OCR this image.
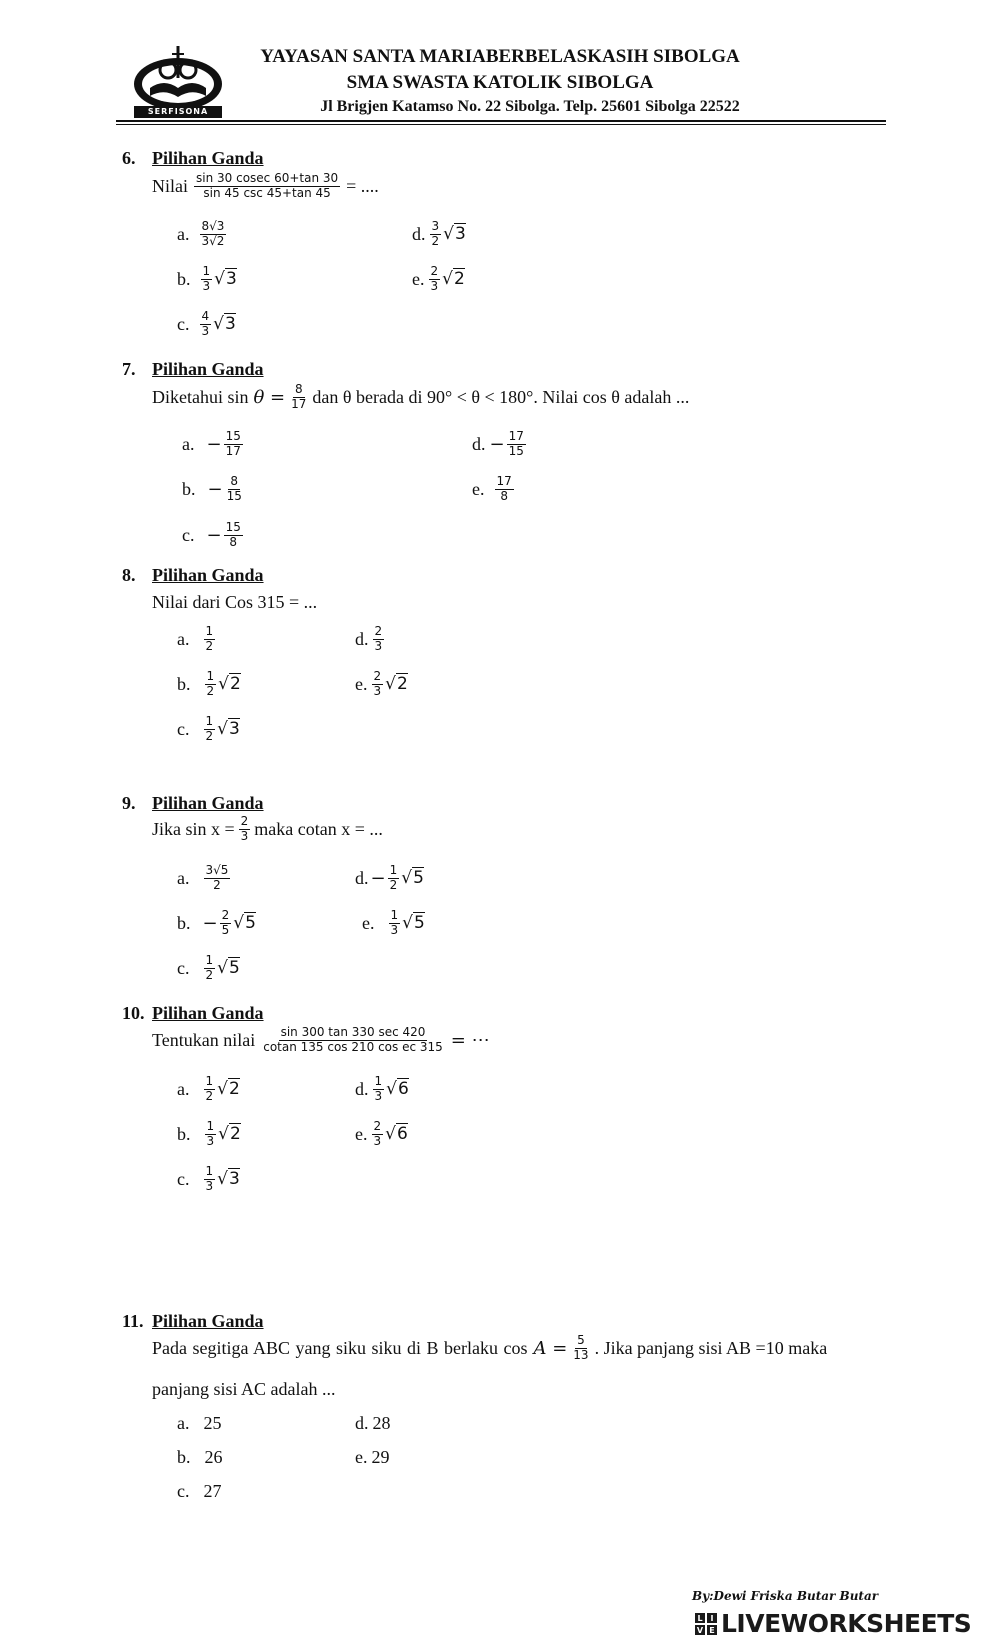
SERFISONA
YAYASAN SANTA MARIABERBELASKASIH SIBOLGA
SMA SWASTA KATOLIK SIBOLGA
Jl Brigjen Katamso No. 22 Sibolga. Telp. 25601 Sibolga 22522
6. Pilihan Ganda
Nilai $\frac{\sin 30 cosec 60+\tan 30}{\sin 45 \csc 45+\tan 45}$ = ....
a. $\frac{8√3}{3√2}$
b. $\frac{1}{3} √3$
c. $\frac{4}{3} √3$
d. $\frac{3}{2} √3$
e. $\frac{2}{3} √2$
7. Pilihan Ganda
Diketahui $\sin \theta = \frac{8}{17}$ dan θ berada di 90° < θ < 180°. Nilai cos θ adalah ...
a. − $\frac{15}{17}$
b. − $\frac{8}{15}$
c. − $\frac{15}{8}$
d. − $\frac{17}{15}$
e. $\frac{17}{8}$
8. Pilihan Ganda
Nilai dari Cos 315 = ...
a. $\frac{1}{2}$
b. $\frac{1}{2} √2$
c. $\frac{1}{2} √3$
d. $\frac{2}{3}$
e. $\frac{2}{3} √2$
9. Pilihan Ganda
Jika $\sin x = \frac{2}{3}$ maka cotan x = ...
a. $\frac{3√5}{2}$
b. − $\frac{2}{5} √5$
c. $\frac{1}{2} √5$
d. − $\frac{1}{2} √5$
e. $\frac{1}{3} √5$
10. Pilihan Ganda
Tentukan nilai $\frac{\sin 300 \tan 330 \sec 420}{\text{cotan 135 cos 210 cos ec 315}}$ = ⋯
a. $\frac{1}{2} √2$
b. $\frac{1}{3} √2$
c. $\frac{1}{3} √3$
d. $\frac{1}{3} √6$
e. $\frac{2}{3} √6$
11. Pilihan Ganda
Pada segitiga ABC yang siku siku di B berlaku $\cos A = \frac{5}{13}$ . Jika panjang sisi AB =10 maka
panjang sisi AC adalah ...
a. 25
b. 26
c. 27
d. 28
e. 29
By:Dewi Friska Butar Butar
L I
V E LIVEWORKSHEETS
